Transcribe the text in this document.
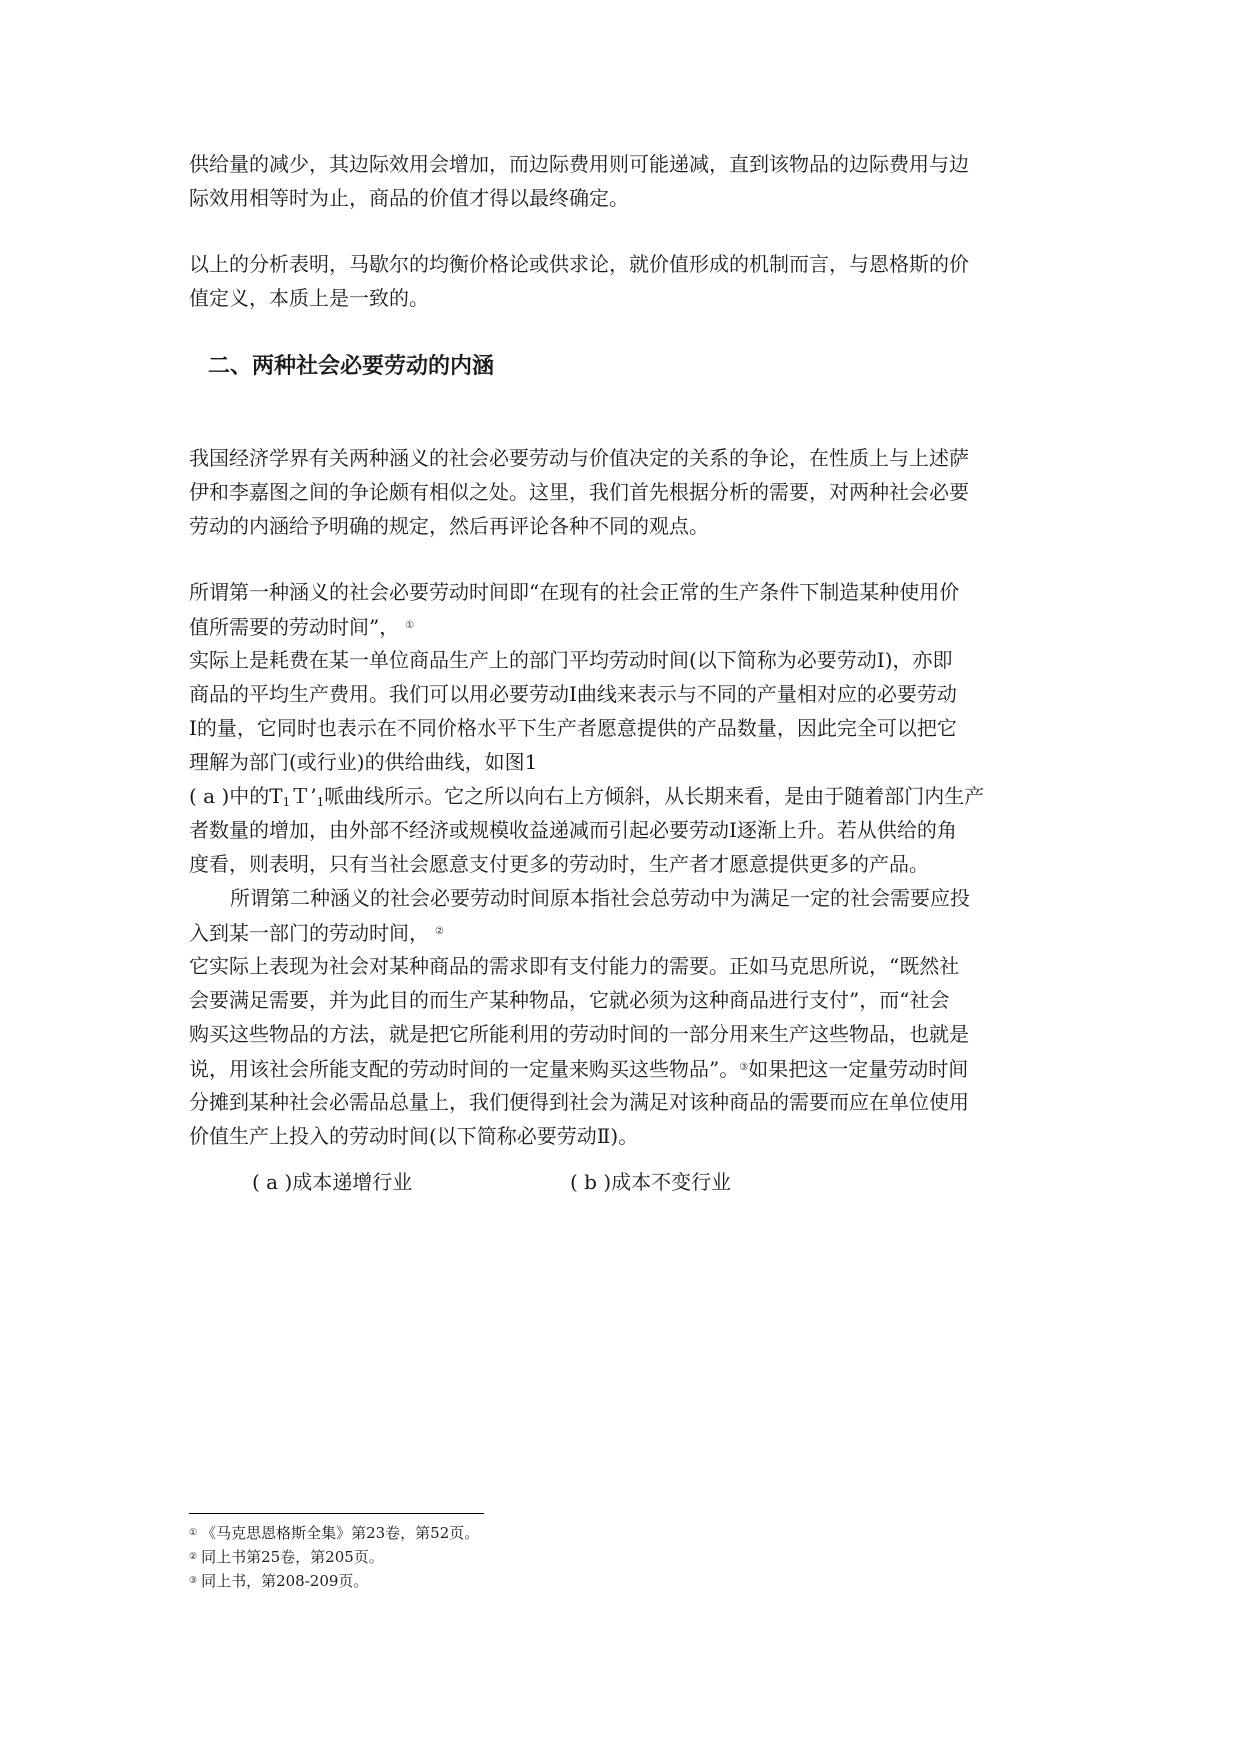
供给量的减少，其边际效用会增加，而边际费用则可能递减，直到该物品的边际费用与边
际效用相等时为止，商品的价值才得以最终确定。
以上的分析表明，马歇尔的均衡价格论或供求论，就价值形成的机制而言，与恩格斯的价
值定义，本质上是一致的。
二、两种社会必要劳动的内涵
我国经济学界有关两种涵义的社会必要劳动与价值决定的关系的争论，在性质上与上述萨
伊和李嘉图之间的争论颇有相似之处。这里，我们首先根据分析的需要，对两种社会必要
劳动的内涵给予明确的规定，然后再评论各种不同的观点。
所谓第一种涵义的社会必要劳动时间即“在现有的社会正常的生产条件下制造某种使用价
值所需要的劳动时间”， ①
实际上是耗费在某一单位商品生产上的部门平均劳动时间(以下简称为必要劳动Ⅰ)，亦即
商品的平均生产费用。我们可以用必要劳动Ⅰ曲线来表示与不同的产量相对应的必要劳动
Ⅰ的量，它同时也表示在不同价格水平下生产者愿意提供的产品数量，因此完全可以把它
理解为部门(或行业)的供给曲线，如图1
( a )中的$T_1T’_1$哌曲线所示。它之所以向右上方倾斜，从长期来看，是由于随着部门内生产
者数量的增加，由外部不经济或规模收益递减而引起必要劳动Ⅰ逐渐上升。若从供给的角
度看，则表明，只有当社会愿意支付更多的劳动时，生产者才愿意提供更多的产品。
所谓第二种涵义的社会必要劳动时间原本指社会总劳动中为满足一定的社会需要应投
入到某一部门的劳动时间， ②
它实际上表现为社会对某种商品的需求即有支付能力的需要。正如马克思所说，“既然社
会要满足需要，并为此目的而生产某种物品，它就必须为这种商品进行支付”，而“社会
购买这些物品的方法，就是把它所能利用的劳动时间的一部分用来生产这些物品，也就是
说，用该社会所能支配的劳动时间的一定量来购买这些物品”。③如果把这一定量劳动时间
分摊到某种社会必需品总量上，我们便得到社会为满足对该种商品的需要而应在单位使用
价值生产上投入的劳动时间(以下简称必要劳动Ⅱ)。
( a )成本递增行业	( b )成本不变行业
① 《马克思恩格斯全集》第23卷，第52页。
② 同上书第25卷，第205页。
③ 同上书，第208-209页。
